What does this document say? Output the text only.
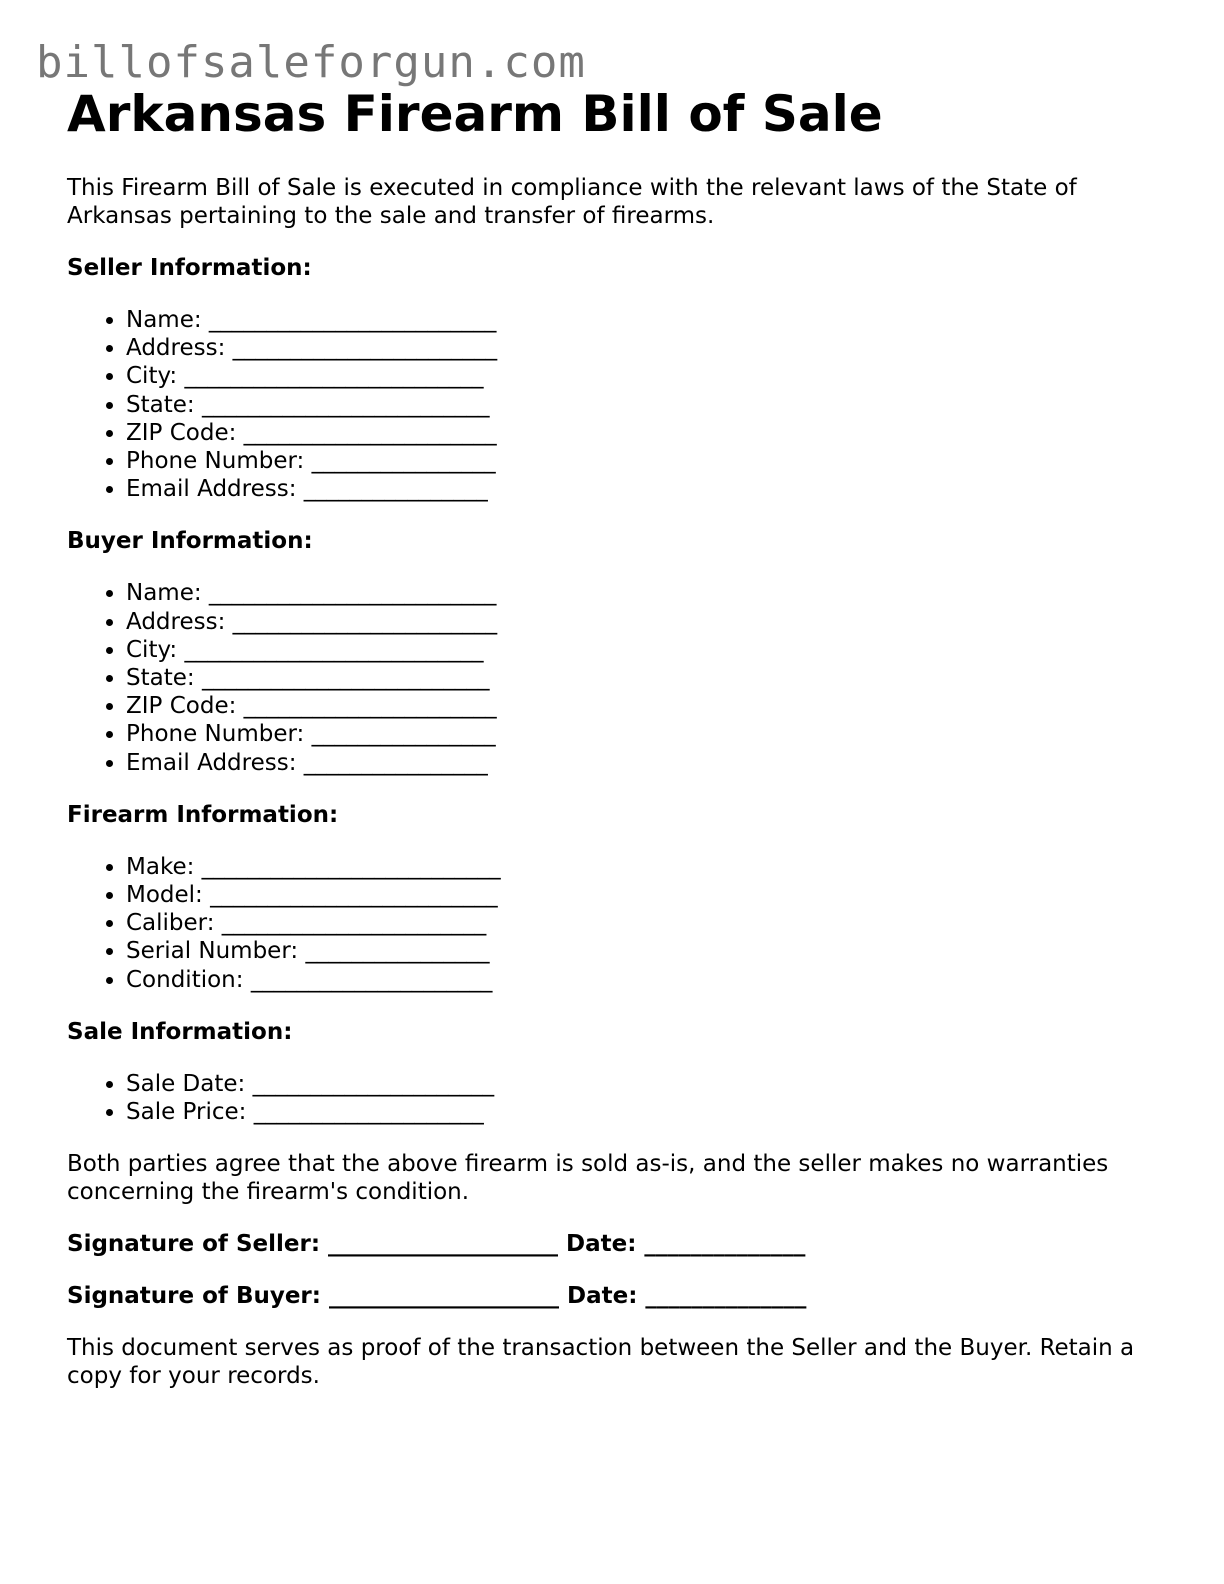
billofsaleforgun.com
Arkansas Firearm Bill of Sale

This Firearm Bill of Sale is executed in compliance with the relevant laws of the State of Arkansas pertaining to the sale and transfer of firearms.

Seller Information:
• Name: _________________________
• Address: _______________________
• City: __________________________
• State: _________________________
• ZIP Code: ______________________
• Phone Number: ________________
• Email Address: ________________
Buyer Information:
• Name: _________________________
• Address: _______________________
• City: __________________________
• State: _________________________
• ZIP Code: ______________________
• Phone Number: ________________
• Email Address: ________________
Firearm Information:
• Make: __________________________
• Model: _________________________
• Caliber: _______________________
• Serial Number: ________________
• Condition: _____________________
Sale Information:
• Sale Date: _____________________
• Sale Price: ____________________

Both parties agree that the above firearm is sold as-is, and the seller makes no warranties concerning the firearm's condition.

Signature of Seller: ____________________ Date: ______________

Signature of Buyer: ____________________ Date: ______________

This document serves as proof of the transaction between the Seller and the Buyer. Retain a copy for your records.
